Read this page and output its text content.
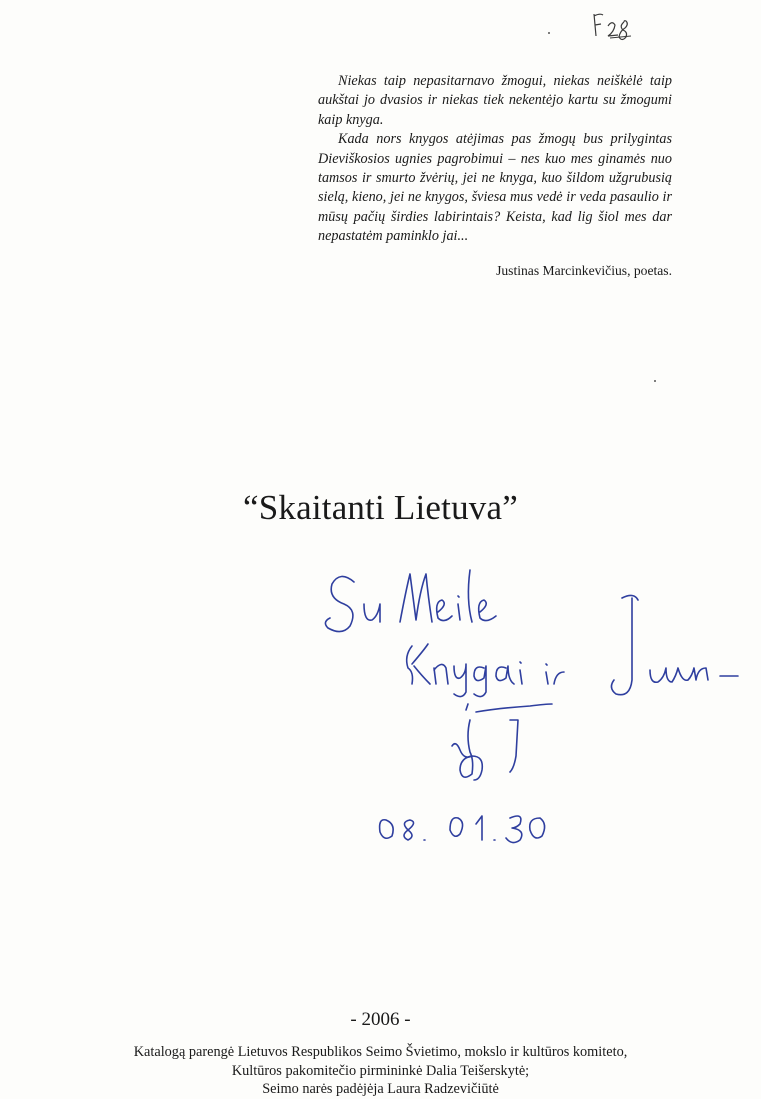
Niekas taip nepasitarnavo žmogui, niekas neiškėlė taip aukštai jo dvasios ir niekas tiek nekentėjo kartu su žmogumi kaip knyga.

Kada nors knygos atėjimas pas žmogų bus prilygintas Dieviškosios ugnies pagrobimui – nes kuo mes ginamės nuo tamsos ir smurto žvėrių, jei ne knyga, kuo šildom užgrubusią sielą, kieno, jei ne knygos, šviesa mus vedė ir veda pasaulio ir mūsų pačių širdies labirintais? Keista, kad lig šiol mes dar nepastatėm paminklo jai...

Justinas Marcinkevičius, poetas.
“Skaitanti Lietuva”
- 2006 -
Katalogą parengė Lietuvos Respublikos Seimo Švietimo, mokslo ir kultūros komiteto,
Kultūros pakomitečio pirmininkė Dalia Teišerskytė;
Seimo narės padėjėja Laura Radzevičiūtė
